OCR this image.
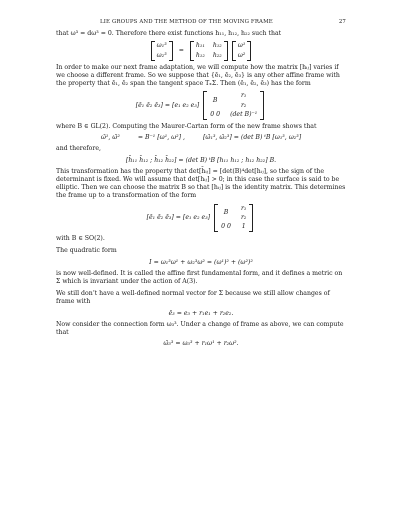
LIE GROUPS AND THE METHOD OF THE MOVING FRAME	27

that ω³ = dω³ = 0. Therefore there exist functions h₁₁, h₁₂, h₂₂ such that

ω₁³
ω₂³
=
h₁₁ h₁₂
h₁₂ h₂₂
ω¹
ω²

In order to make our next frame adaptation, we will compute how the matrix [hᵢⱼ] varies if we choose a different frame. So we suppose that {ē₁, ē₂, ē₃} is any other affine frame with the property that ē₁, ē₂ span the tangent space TₓΣ. Then (ē₁, ē₂, ē₃) has the form

[ē₁ ē₂ ē₃] = [e₁ e₂ e₃]
B
r₁
r₂
0 0 (det B)⁻¹

where B ∈ GL(2). Computing the Maurer-Cartan form of the new frame shows that

ω̄¹, ω̄²	= B⁻¹ [ω¹, ω²] ,	[ω̄₁³, ω̄₂³] = (det B) ᵗB [ω₁³, ω₂³]

and therefore,

[h̄₁₁ h̄₁₂ ; h̄₁₂ h̄₂₂] = (det B) ᵗB [h₁₁ h₁₂ ; h₁₂ h₂₂] B.

This transformation has the property that det[h̄ᵢⱼ] = [det(B)⁴det[hᵢⱼ], so the sign of the determinant is fixed. We will assume that det[hᵢⱼ] > 0; in this case the surface is said to be elliptic. Then we can choose the matrix B so that [hᵢⱼ] is the identity matrix. This determines the frame up to a transformation of the form

[ē₁ ē₂ ē₃] = [e₁ e₂ e₃]
B
r₁
r₂
0 0 1

with B ∈ SO(2).

The quadratic form

I = ω₁³ω¹ + ω₂³ω² = (ω¹)² + (ω²)²

is now well-defined. It is called the affine first fundamental form, and it defines a metric on Σ which is invariant under the action of A(3).

We still don’t have a well-defined normal vector for Σ because we still allow changes of frame with

ē₃ = e₃ + r₁e₁ + r₂e₂.

Now consider the connection form ω₃³. Under a change of frame as above, we can compute that

ω̄₃³ = ω₃³ + r₁ω¹ + r₂ω².
